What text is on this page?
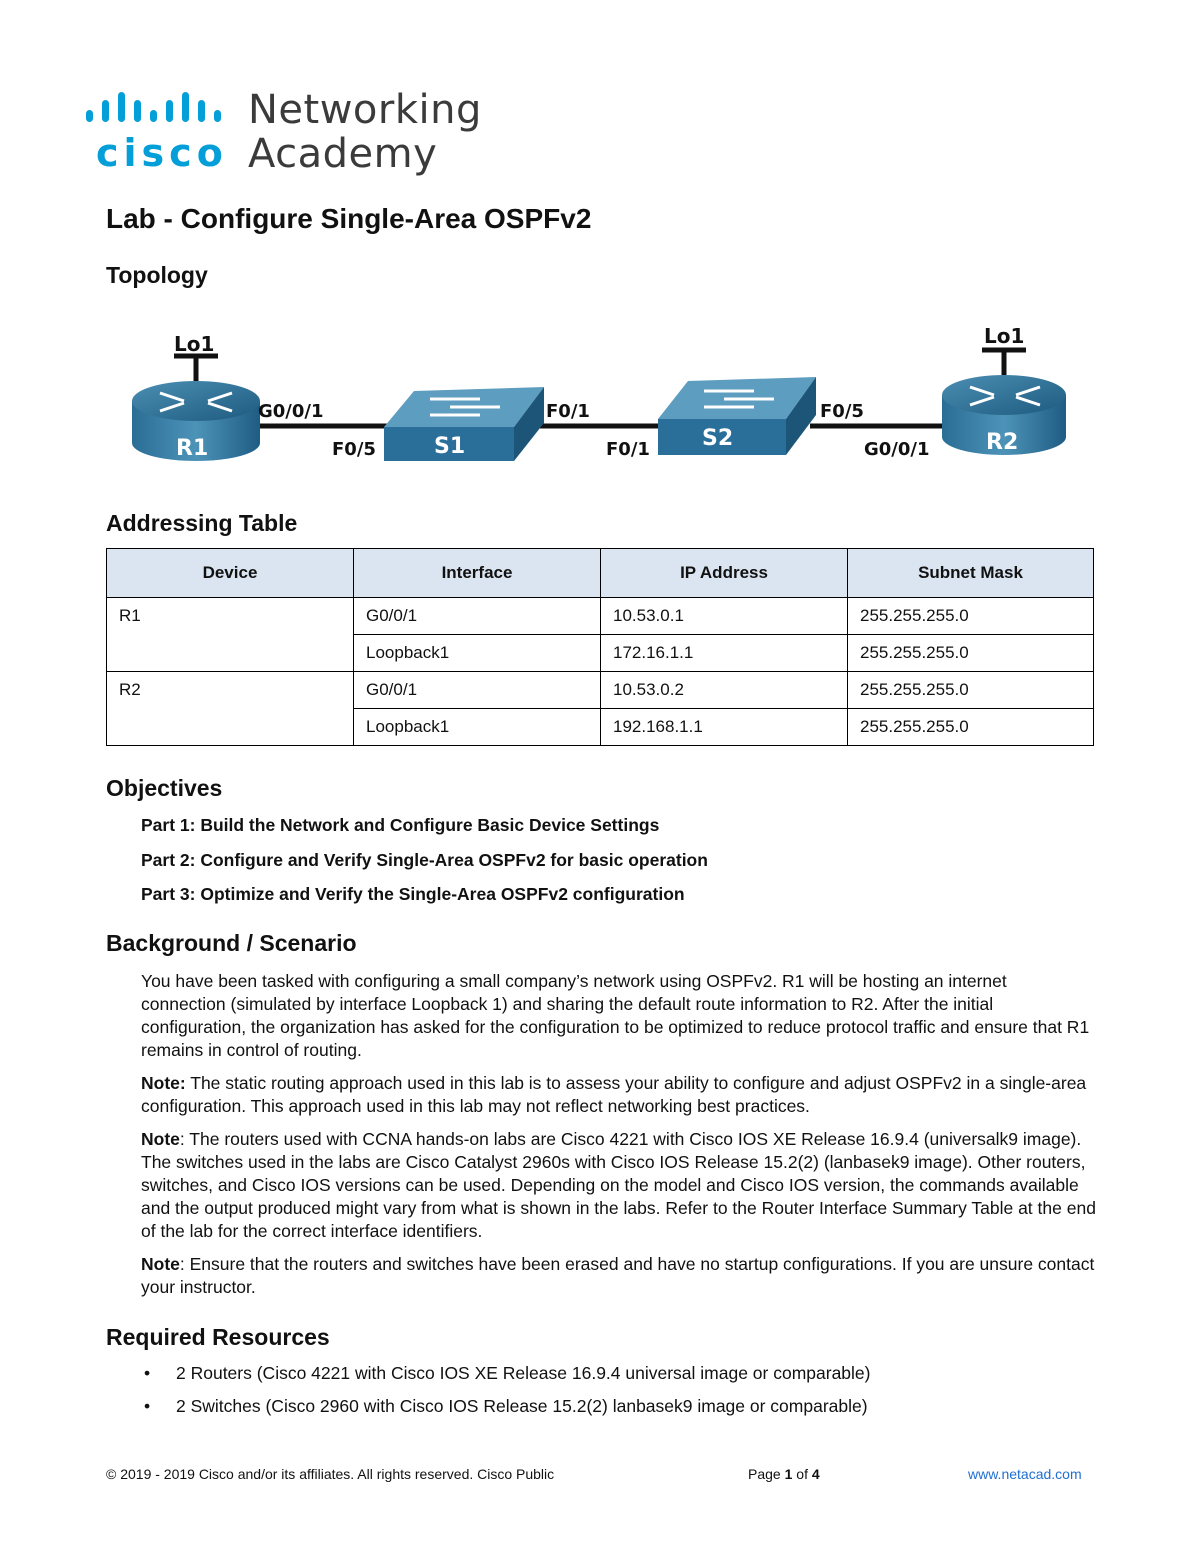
cisco
Networking
Academy
Lab - Configure Single-Area OSPFv2
Topology
Lo1
R1
Lo1
R2
S1	S2
G0/0/1
F0/5
F0/1
F0/1
F0/5
G0/0/1
Addressing Table
Device	Interface	IP Address	Subnet Mask
R1	G0/0/1	10.53.0.1	255.255.255.0
	Loopback1	172.16.1.1	255.255.255.0
R2	G0/0/1	10.53.0.2	255.255.255.0
	Loopback1	192.168.1.1	255.255.255.0
Objectives
Part 1: Build the Network and Configure Basic Device Settings
Part 2: Configure and Verify Single-Area OSPFv2 for basic operation
Part 3: Optimize and Verify the Single-Area OSPFv2 configuration
Background / Scenario

You have been tasked with configuring a small company’s network using OSPFv2. R1 will be hosting an internet connection (simulated by interface Loopback 1) and sharing the default route information to R2. After the initial configuration, the organization has asked for the configuration to be optimized to reduce protocol traffic and ensure that R1 remains in control of routing.

Note: The static routing approach used in this lab is to assess your ability to configure and adjust OSPFv2 in a single-area configuration. This approach used in this lab may not reflect networking best practices.

Note: The routers used with CCNA hands-on labs are Cisco 4221 with Cisco IOS XE Release 16.9.4 (universalk9 image). The switches used in the labs are Cisco Catalyst 2960s with Cisco IOS Release 15.2(2) (lanbasek9 image). Other routers, switches, and Cisco IOS versions can be used. Depending on the model and Cisco IOS version, the commands available and the output produced might vary from what is shown in the labs. Refer to the Router Interface Summary Table at the end of the lab for the correct interface identifiers.

Note: Ensure that the routers and switches have been erased and have no startup configurations. If you are unsure contact your instructor.

Required Resources
• 2 Routers (Cisco 4221 with Cisco IOS XE Release 16.9.4 universal image or comparable)
• 2 Switches (Cisco 2960 with Cisco IOS Release 15.2(2) lanbasek9 image or comparable)
© 2019 - 2019 Cisco and/or its affiliates. All rights reserved. Cisco Public	Page 1 of 4	www.netacad.com
